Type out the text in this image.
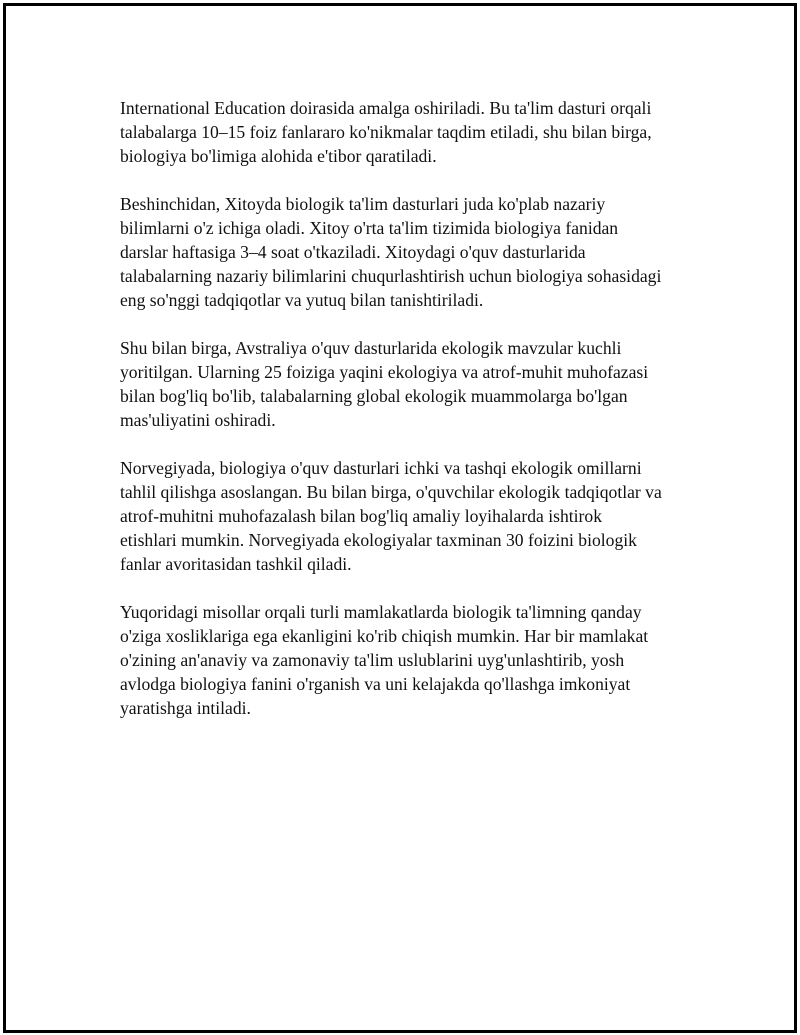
International Education doirasida amalga oshiriladi. Bu ta'lim dasturi orqali
talabalarga 10–15 foiz fanlararo ko'nikmalar taqdim etiladi, shu bilan birga,
biologiya bo'limiga alohida e'tibor qaratiladi.

Beshinchidan, Xitoyda biologik ta'lim dasturlari juda ko'plab nazariy
bilimlarni o'z ichiga oladi. Xitoy o'rta ta'lim tizimida biologiya fanidan
darslar haftasiga 3–4 soat o'tkaziladi. Xitoydagi o'quv dasturlarida
talabalarning nazariy bilimlarini chuqurlashtirish uchun biologiya sohasidagi
eng so'nggi tadqiqotlar va yutuq bilan tanishtiriladi.

Shu bilan birga, Avstraliya o'quv dasturlarida ekologik mavzular kuchli
yoritilgan. Ularning 25 foiziga yaqini ekologiya va atrof-muhit muhofazasi
bilan bog'liq bo'lib, talabalarning global ekologik muammolarga bo'lgan
mas'uliyatini oshiradi.

Norvegiyada, biologiya o'quv dasturlari ichki va tashqi ekologik omillarni
tahlil qilishga asoslangan. Bu bilan birga, o'quvchilar ekologik tadqiqotlar va
atrof-muhitni muhofazalash bilan bog'liq amaliy loyihalarda ishtirok
etishlari mumkin. Norvegiyada ekologiyalar taxminan 30 foizini biologik
fanlar avoritasidan tashkil qiladi.

Yuqoridagi misollar orqali turli mamlakatlarda biologik ta'limning qanday
o'ziga xosliklariga ega ekanligini ko'rib chiqish mumkin. Har bir mamlakat
o'zining an'anaviy va zamonaviy ta'lim uslublarini uyg'unlashtirib, yosh
avlodga biologiya fanini o'rganish va uni kelajakda qo'llashga imkoniyat
yaratishga intiladi.
